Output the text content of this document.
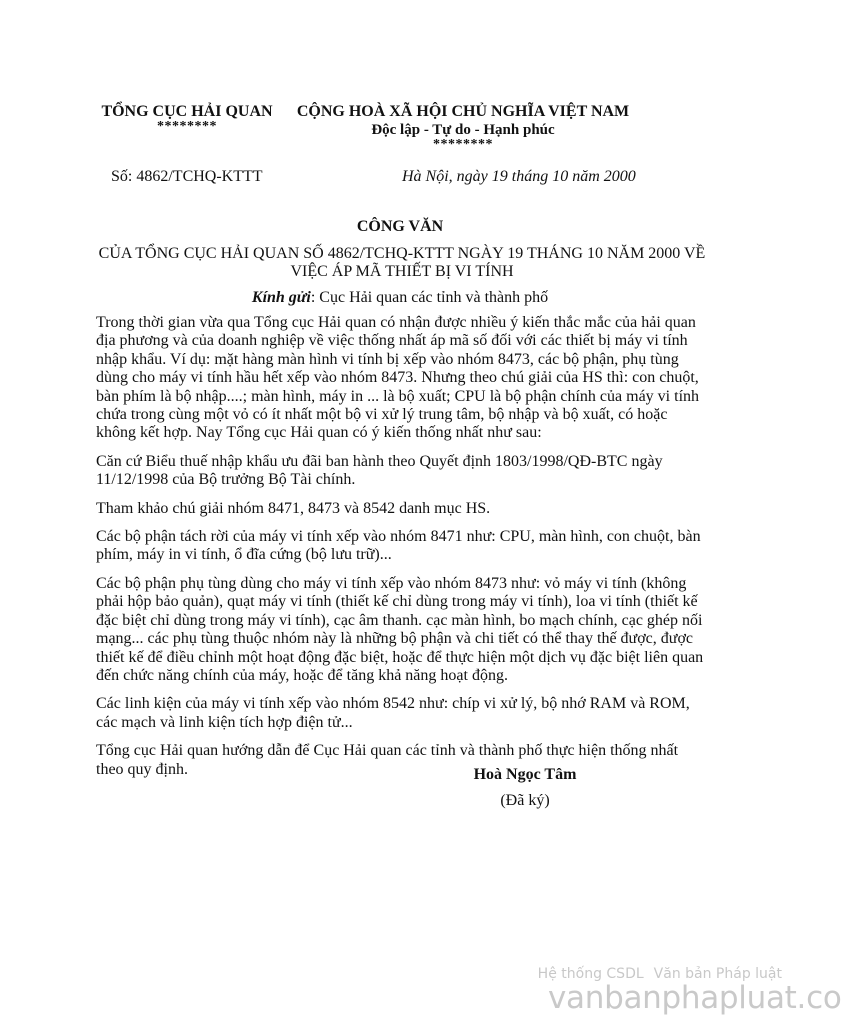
TỔNG CỤC HẢI QUAN
********
CỘNG HOÀ XÃ HỘI CHỦ NGHĨA VIỆT NAM
Độc lập - Tự do - Hạnh phúc
********
Số: 4862/TCHQ-KTTT	Hà Nội, ngày 19 tháng 10 năm 2000
CÔNG VĂN
CỦA TỔNG CỤC HẢI QUAN SỐ 4862/TCHQ-KTTT NGÀY 19 THÁNG 10 NĂM 2000 VỀ VIỆC ÁP MÃ THIẾT BỊ VI TÍNH
Kính gửi: Cục Hải quan các tỉnh và thành phố

Trong thời gian vừa qua Tổng cục Hải quan có nhận được nhiều ý kiến thắc mắc của hải quan địa phương và của doanh nghiệp về việc thống nhất áp mã số đối với các thiết bị máy vi tính nhập khẩu. Ví dụ: mặt hàng màn hình vi tính bị xếp vào nhóm 8473, các bộ phận, phụ tùng dùng cho máy vi tính hầu hết xếp vào nhóm 8473. Nhưng theo chú giải của HS thì: con chuột, bàn phím là bộ nhập....; màn hình, máy in ... là bộ xuất; CPU là bộ phận chính của máy vi tính chứa trong cùng một vỏ có ít nhất một bộ vi xử lý trung tâm, bộ nhập và bộ xuất, có hoặc không kết hợp. Nay Tổng cục Hải quan có ý kiến thống nhất như sau:

Căn cứ Biểu thuế nhập khẩu ưu đãi ban hành theo Quyết định 1803/1998/QĐ-BTC ngày 11/12/1998 của Bộ trưởng Bộ Tài chính.

Tham khảo chú giải nhóm 8471, 8473 và 8542 danh mục HS.

Các bộ phận tách rời của máy vi tính xếp vào nhóm 8471 như: CPU, màn hình, con chuột, bàn phím, máy in vi tính, ổ đĩa cứng (bộ lưu trữ)...

Các bộ phận phụ tùng dùng cho máy vi tính xếp vào nhóm 8473 như: vỏ máy vi tính (không phải hộp bảo quản), quạt máy vi tính (thiết kế chỉ dùng trong máy vi tính), loa vi tính (thiết kế đặc biệt chỉ dùng trong máy vi tính), cạc âm thanh. cạc màn hình, bo mạch chính, cạc ghép nối mạng... các phụ tùng thuộc nhóm này là những bộ phận và chi tiết có thể thay thế được, được thiết kế để điều chỉnh một hoạt động đặc biệt, hoặc để thực hiện một dịch vụ đặc biệt liên quan đến chức năng chính của máy, hoặc để tăng khả năng hoạt động.

Các linh kiện của máy vi tính xếp vào nhóm 8542 như: chíp vi xử lý, bộ nhớ RAM và ROM, các mạch và linh kiện tích hợp điện tử...

Tổng cục Hải quan hướng dẫn để Cục Hải quan các tỉnh và thành phố thực hiện thống nhất theo quy định.	Hoà Ngọc Tâm
(Đã ký)
Hệ thống CSDL Văn bản Pháp luật
vanbanphapluat.co
